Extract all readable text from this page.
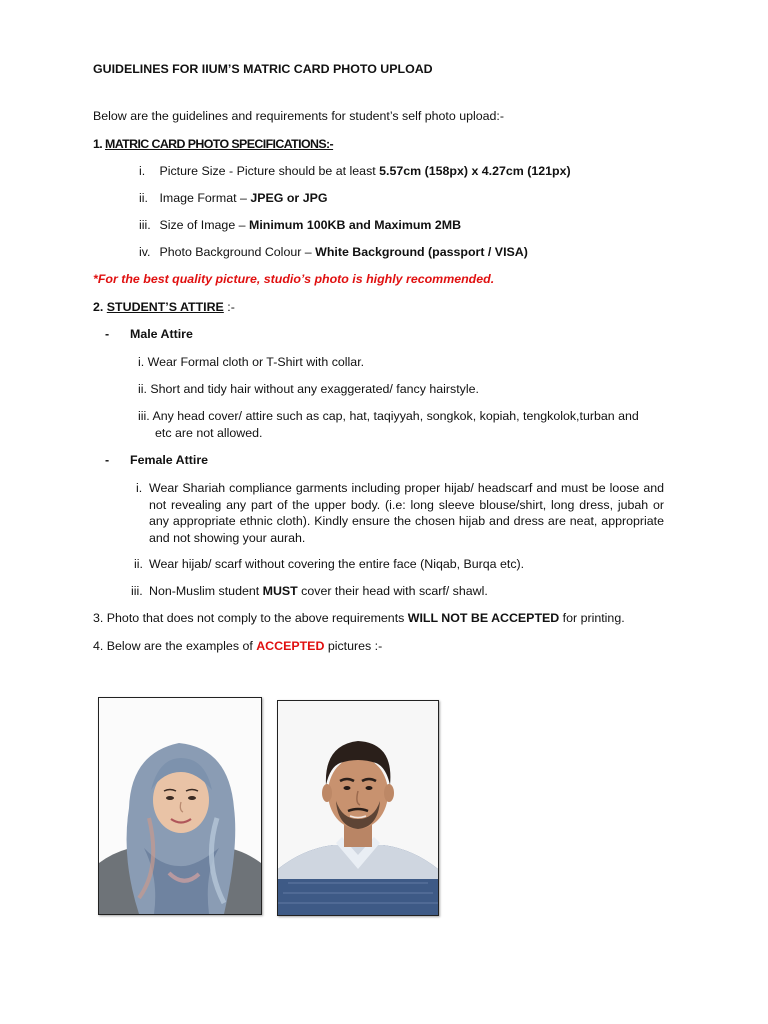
GUIDELINES FOR IIUM’S MATRIC CARD PHOTO UPLOAD
Below are the guidelines and requirements for student’s self photo upload:-
1. MATRIC CARD PHOTO SPECIFICATIONS:-
i. Picture Size - Picture should be at least 5.57cm (158px) x 4.27cm (121px)
ii. Image Format – JPEG or JPG
iii. Size of Image – Minimum 100KB and Maximum 2MB
iv. Photo Background Colour – White Background (passport / VISA)
*For the best quality picture, studio’s photo is highly recommended.
2. STUDENT’S ATTIRE :-
- Male Attire
i. Wear Formal cloth or T-Shirt with collar.
ii. Short and tidy hair without any exaggerated/ fancy hairstyle.
iii. Any head cover/ attire such as cap, hat, taqiyyah, songkok, kopiah, tengkolok,turban and
etc are not allowed.
- Female Attire
i. Wear Shariah compliance garments including proper hijab/ headscarf and must be loose and not revealing any part of the upper body. (i.e: long sleeve blouse/shirt, long dress, jubah or any appropriate ethnic cloth). Kindly ensure the chosen hijab and dress are neat, appropriate and not showing your aurah.
ii. Wear hijab/ scarf without covering the entire face (Niqab, Burqa etc).
iii. Non-Muslim student MUST cover their head with scarf/ shawl.
3. Photo that does not comply to the above requirements WILL NOT BE ACCEPTED for printing.
4. Below are the examples of ACCEPTED pictures :-
